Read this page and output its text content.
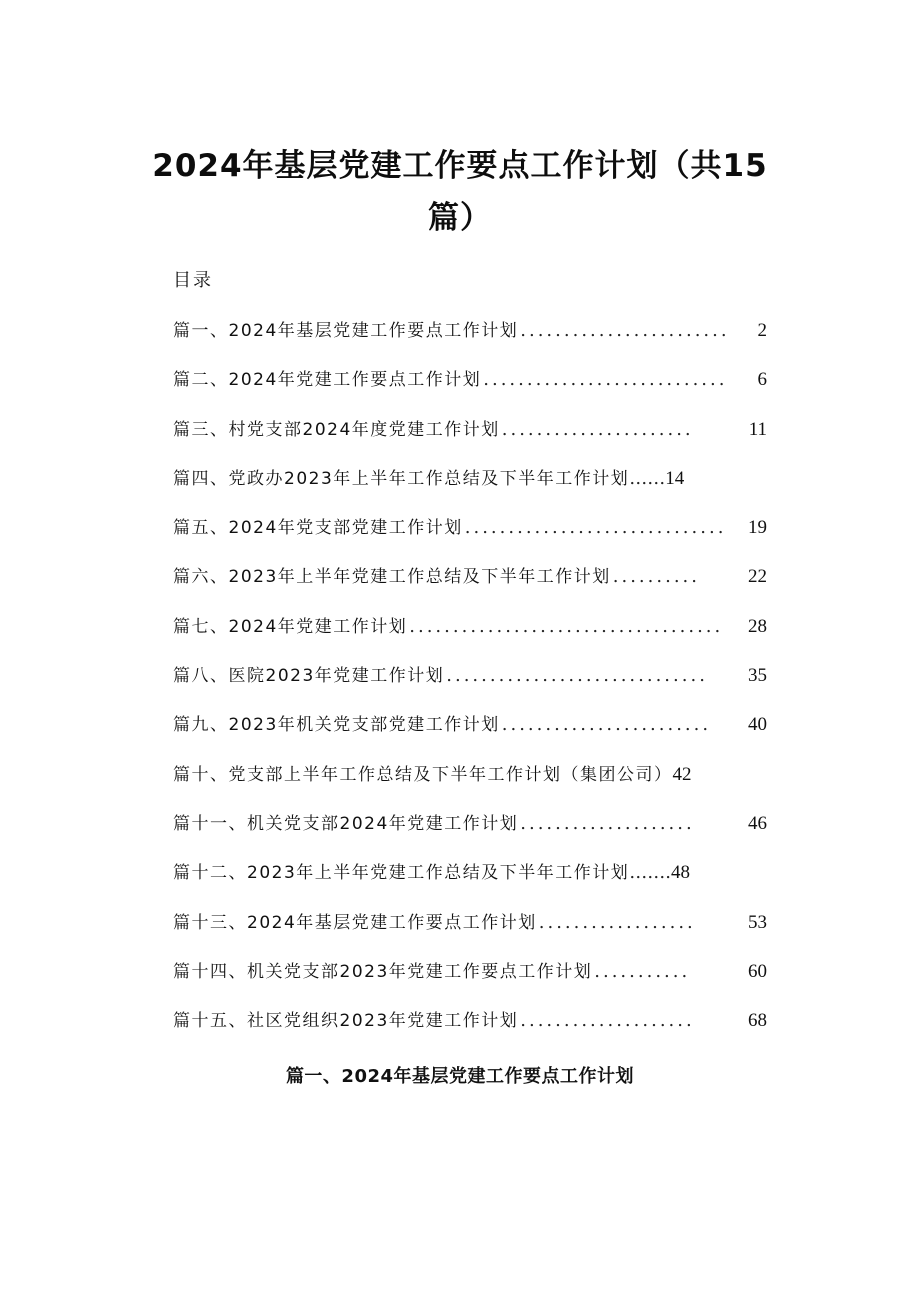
2024年基层党建工作要点工作计划（共15
篇）
目录
篇一、2024年基层党建工作要点工作计划 ........................	2
篇二、2024年党建工作要点工作计划 ............................	6
篇三、村党支部2024年度党建工作计划 ......................	11
篇四、党政办2023年上半年工作总结及下半年工作计划 …… 14
篇五、2024年党支部党建工作计划 ..............................	19
篇六、2023年上半年党建工作总结及下半年工作计划 ..........	22
篇七、2024年党建工作计划 ....................................	28
篇八、医院2023年党建工作计划 ..............................	35
篇九、2023年机关党支部党建工作计划 ........................	40
篇十、党支部上半年工作总结及下半年工作计划（集团公司） 42
篇十一、机关党支部2024年党建工作计划 ....................	46
篇十二、2023年上半年党建工作总结及下半年工作计划 ……. 48
篇十三、2024年基层党建工作要点工作计划 ..................	53
篇十四、机关党支部2023年党建工作要点工作计划 ...........	60
篇十五、社区党组织2023年党建工作计划 ....................	68
篇一、2024年基层党建工作要点工作计划
